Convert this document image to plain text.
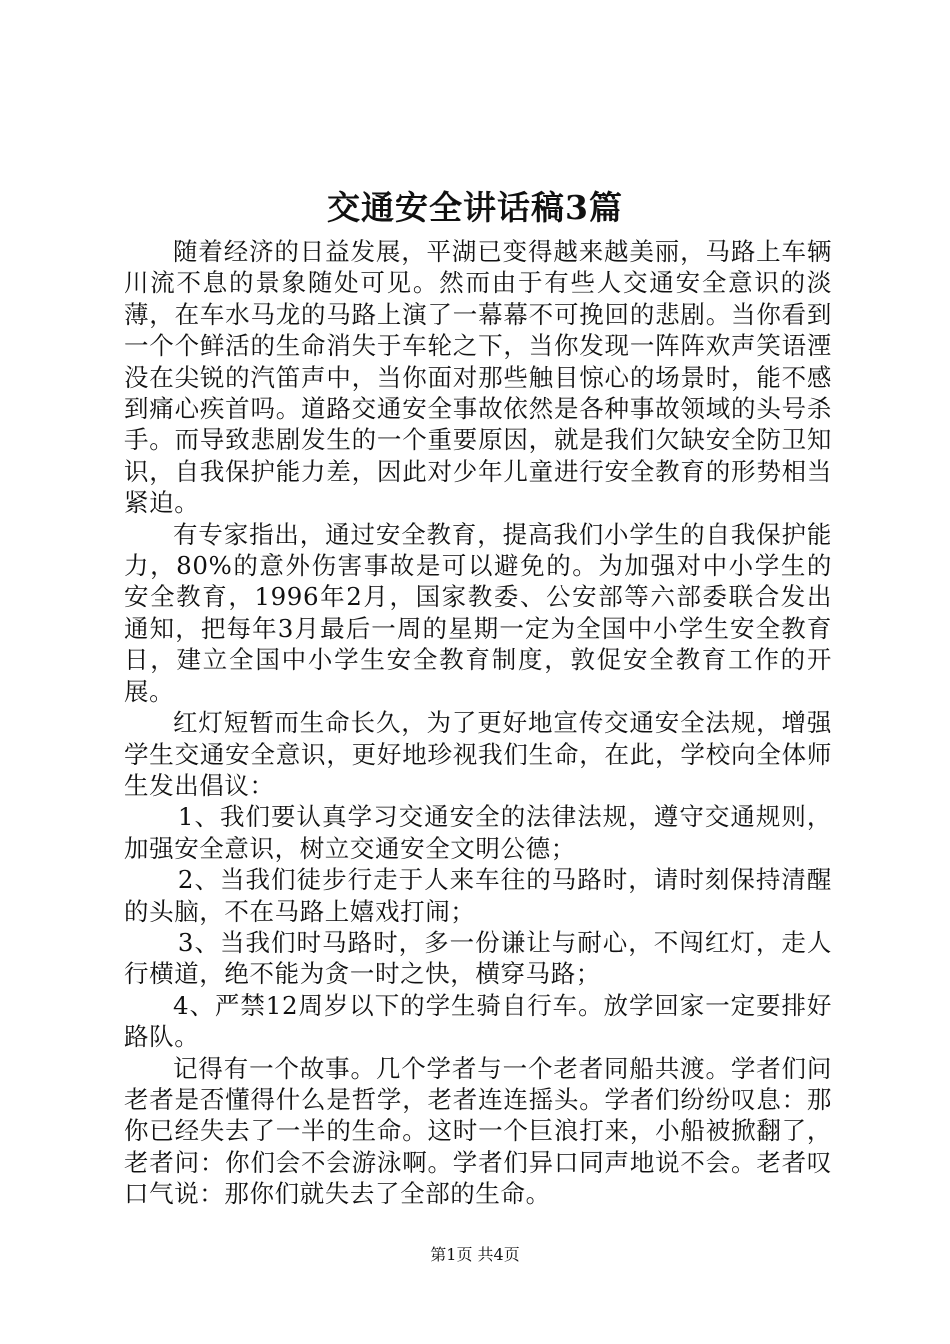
交通安全讲话稿3篇

随着经济的日益发展，平湖已变得越来越美丽，马路上车辆川流不息的景象随处可见。然而由于有些人交通安全意识的淡薄，在车水马龙的马路上演了一幕幕不可挽回的悲剧。当你看到一个个鲜活的生命消失于车轮之下，当你发现一阵阵欢声笑语湮没在尖锐的汽笛声中，当你面对那些触目惊心的场景时，能不感到痛心疾首吗。道路交通安全事故依然是各种事故领域的头号杀手。而导致悲剧发生的一个重要原因，就是我们欠缺安全防卫知识，自我保护能力差，因此对少年儿童进行安全教育的形势相当紧迫。

有专家指出，通过安全教育，提高我们小学生的自我保护能力，80%的意外伤害事故是可以避免的。为加强对中小学生的安全教育，1996年2月，国家教委、公安部等六部委联合发出通知，把每年3月最后一周的星期一定为全国中小学生安全教育日，建立全国中小学生安全教育制度，敦促安全教育工作的开展。

红灯短暂而生命长久，为了更好地宣传交通安全法规，增强学生交通安全意识，更好地珍视我们生命，在此，学校向全体师生发出倡议：

1、我们要认真学习交通安全的法律法规，遵守交通规则，加强安全意识，树立交通安全文明公德；

2、当我们徒步行走于人来车往的马路时，请时刻保持清醒的头脑，不在马路上嬉戏打闹；

3、当我们时马路时，多一份谦让与耐心，不闯红灯，走人行横道，绝不能为贪一时之快，横穿马路；

4、严禁12周岁以下的学生骑自行车。放学回家一定要排好路队。

记得有一个故事。几个学者与一个老者同船共渡。学者们问老者是否懂得什么是哲学，老者连连摇头。学者们纷纷叹息：那你已经失去了一半的生命。这时一个巨浪打来，小船被掀翻了，老者问：你们会不会游泳啊。学者们异口同声地说不会。老者叹口气说：那你们就失去了全部的生命。

第1页 共4页
